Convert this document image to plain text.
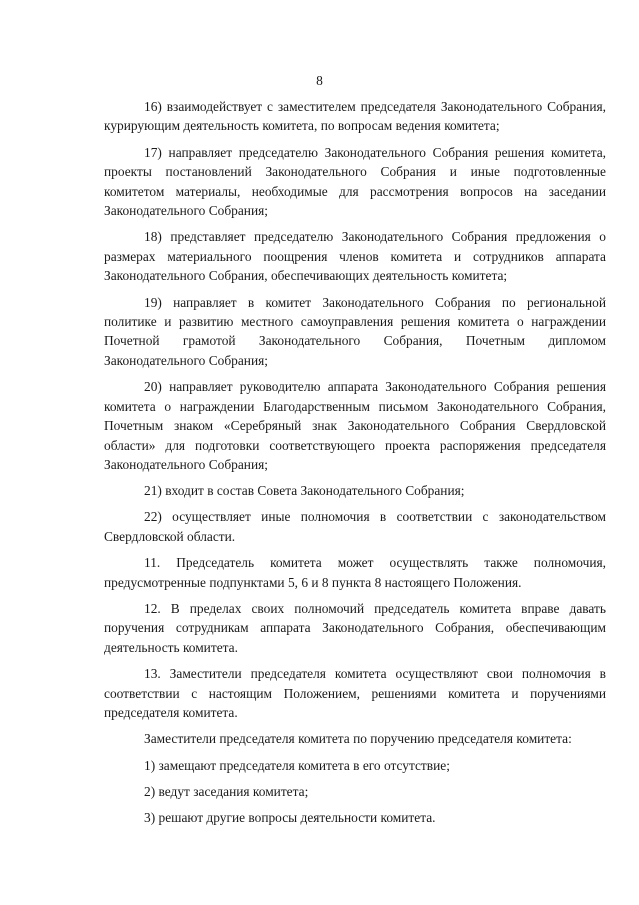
8

16) взаимодействует с заместителем председателя Законодательного Собрания, курирующим деятельность комитета, по вопросам ведения комитета;

17) направляет председателю Законодательного Собрания решения комитета, проекты постановлений Законодательного Собрания и иные подготовленные комитетом материалы, необходимые для рассмотрения вопросов на заседании Законодательного Собрания;

18) представляет председателю Законодательного Собрания предложения о размерах материального поощрения членов комитета и сотрудников аппарата Законодательного Собрания, обеспечивающих деятельность комитета;

19) направляет в комитет Законодательного Собрания по региональной политике и развитию местного самоуправления решения комитета о награждении Почетной грамотой Законодательного Собрания, Почетным дипломом Законодательного Собрания;

20) направляет руководителю аппарата Законодательного Собрания решения комитета о награждении Благодарственным письмом Законодательного Собрания, Почетным знаком «Серебряный знак Законодательного Собрания Свердловской области» для подготовки соответствующего проекта распоряжения председателя Законодательного Собрания;

21) входит в состав Совета Законодательного Собрания;

22) осуществляет иные полномочия в соответствии с законодательством Свердловской области.

11. Председатель комитета может осуществлять также полномочия, предусмотренные подпунктами 5, 6 и 8 пункта 8 настоящего Положения.

12. В пределах своих полномочий председатель комитета вправе давать поручения сотрудникам аппарата Законодательного Собрания, обеспечивающим деятельность комитета.

13. Заместители председателя комитета осуществляют свои полномочия в соответствии с настоящим Положением, решениями комитета и поручениями председателя комитета.

Заместители председателя комитета по поручению председателя комитета:

1) замещают председателя комитета в его отсутствие;

2) ведут заседания комитета;

3) решают другие вопросы деятельности комитета.
